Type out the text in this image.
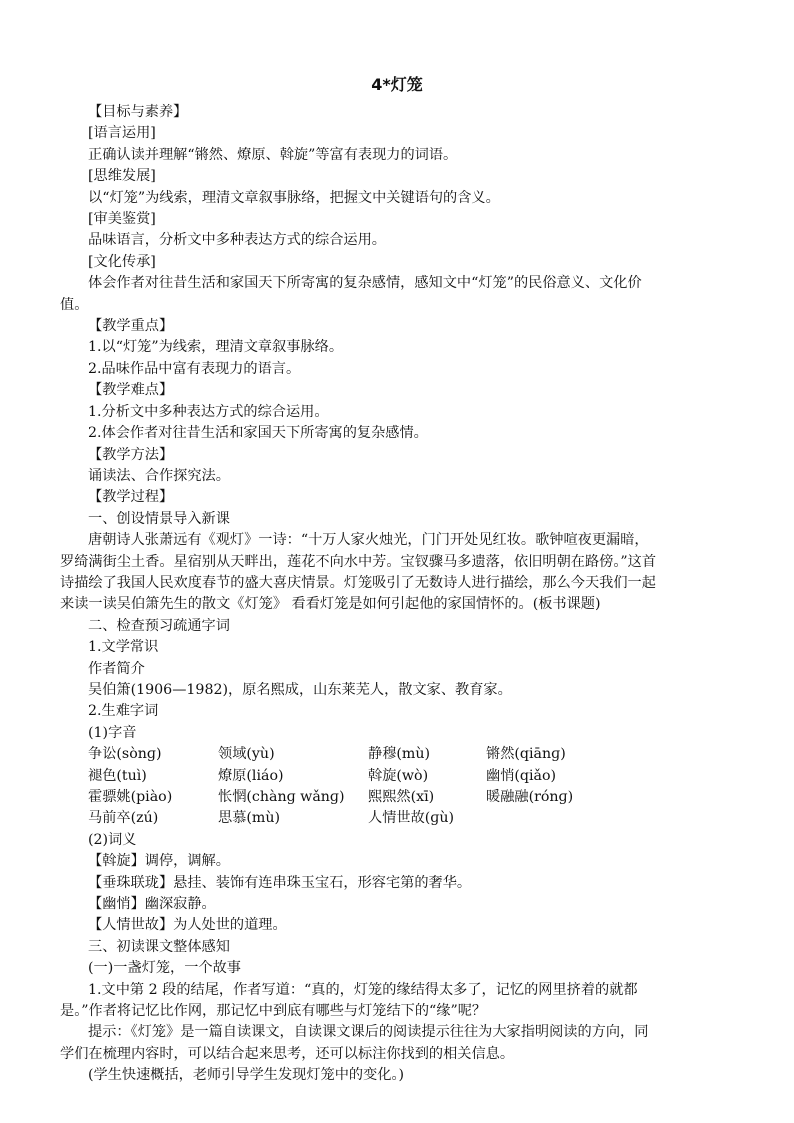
4*灯笼

【目标与素养】

[语言运用]

正确认读并理解“锵然、燎原、斡旋”等富有表现力的词语。

[思维发展]

以“灯笼”为线索，理清文章叙事脉络，把握文中关键语句的含义。

[审美鉴赏]

品味语言，分析文中多种表达方式的综合运用。

[文化传承]

体会作者对往昔生活和家国天下所寄寓的复杂感情，感知文中“灯笼”的民俗意义、文化价

值。

【教学重点】

1.以“灯笼”为线索，理清文章叙事脉络。

2.品味作品中富有表现力的语言。

【教学难点】

1.分析文中多种表达方式的综合运用。

2.体会作者对往昔生活和家国天下所寄寓的复杂感情。

【教学方法】

诵读法、合作探究法。

【教学过程】

一、创设情景导入新课

唐朝诗人张萧远有《观灯》一诗：“十万人家火烛光，门门开处见红妆。歌钟喧夜更漏暗，

罗绮满街尘土香。星宿别从天畔出，莲花不向水中芳。宝钗骤马多遗落，依旧明朝在路傍。”这首

诗描绘了我国人民欢度春节的盛大喜庆情景。灯笼吸引了无数诗人进行描绘，那么今天我们一起

来读一读吴伯箫先生的散文《灯笼》 看看灯笼是如何引起他的家国情怀的。(板书课题)

二、检查预习疏通字词

1.文学常识

作者简介

吴伯箫(1906—1982)，原名熙成，山东莱芜人，散文家、教育家。

2.生难字词

(1)字音

争讼(sònɡ)	领域(yù)	静穆(mù)	锵然(qiānɡ)
褪色(tuì)	燎原(liáo)	斡旋(wò)	幽悄(qiǎo)
霍骠姚(piào)	怅惘(chànɡ wǎnɡ)	熙熙然(xī)	暖融融(rónɡ)
马前卒(zú)	思慕(mù)	人情世故(ɡù)

(2)词义

【斡旋】调停，调解。

【垂珠联珑】悬挂、装饰有连串珠玉宝石，形容宅第的奢华。

【幽悄】幽深寂静。

【人情世故】为人处世的道理。

三、初读课文整体感知

(一)一盏灯笼，一个故事

1.文中第 2 段的结尾，作者写道：“真的，灯笼的缘结得太多了，记忆的网里挤着的就都

是。”作者将记忆比作网，那记忆中到底有哪些与灯笼结下的“缘”呢？

提示：《灯笼》是一篇自读课文，自读课文课后的阅读提示往往为大家指明阅读的方向，同

学们在梳理内容时，可以结合起来思考，还可以标注你找到的相关信息。

(学生快速概括，老师引导学生发现灯笼中的变化。)
